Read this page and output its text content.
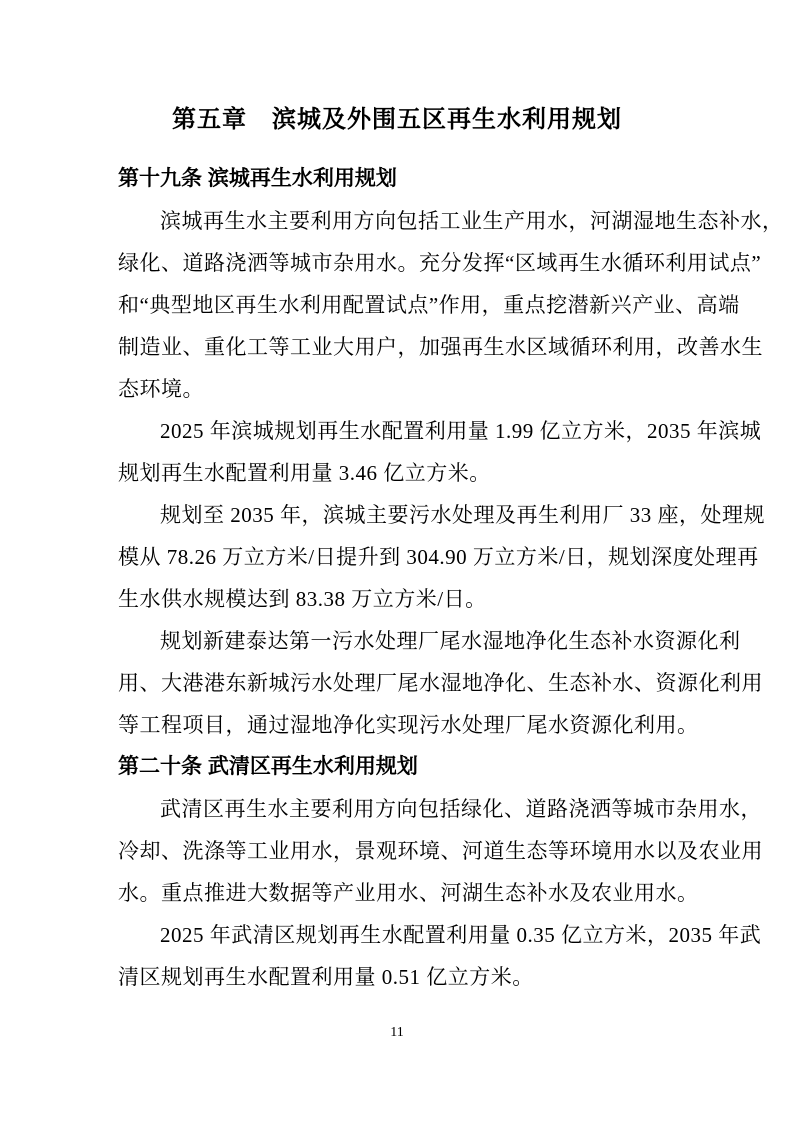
第五章　滨城及外围五区再生水利用规划
第十九条 滨城再生水利用规划

滨城再生水主要利用方向包括工业生产用水，河湖湿地生态补水，

绿化、道路浇洒等城市杂用水。充分发挥“区域再生水循环利用试点”

和“典型地区再生水利用配置试点”作用，重点挖潜新兴产业、高端

制造业、重化工等工业大用户，加强再生水区域循环利用，改善水生

态环境。

2025 年滨城规划再生水配置利用量 1.99 亿立方米，2035 年滨城

规划再生水配置利用量 3.46 亿立方米。

规划至 2035 年，滨城主要污水处理及再生利用厂 33 座，处理规

模从 78.26 万立方米/日提升到 304.90 万立方米/日，规划深度处理再

生水供水规模达到 83.38 万立方米/日。

规划新建泰达第一污水处理厂尾水湿地净化生态补水资源化利

用、大港港东新城污水处理厂尾水湿地净化、生态补水、资源化利用

等工程项目，通过湿地净化实现污水处理厂尾水资源化利用。

第二十条 武清区再生水利用规划

武清区再生水主要利用方向包括绿化、道路浇洒等城市杂用水，

冷却、洗涤等工业用水，景观环境、河道生态等环境用水以及农业用

水。重点推进大数据等产业用水、河湖生态补水及农业用水。

2025 年武清区规划再生水配置利用量 0.35 亿立方米，2035 年武

清区规划再生水配置利用量 0.51 亿立方米。

11
